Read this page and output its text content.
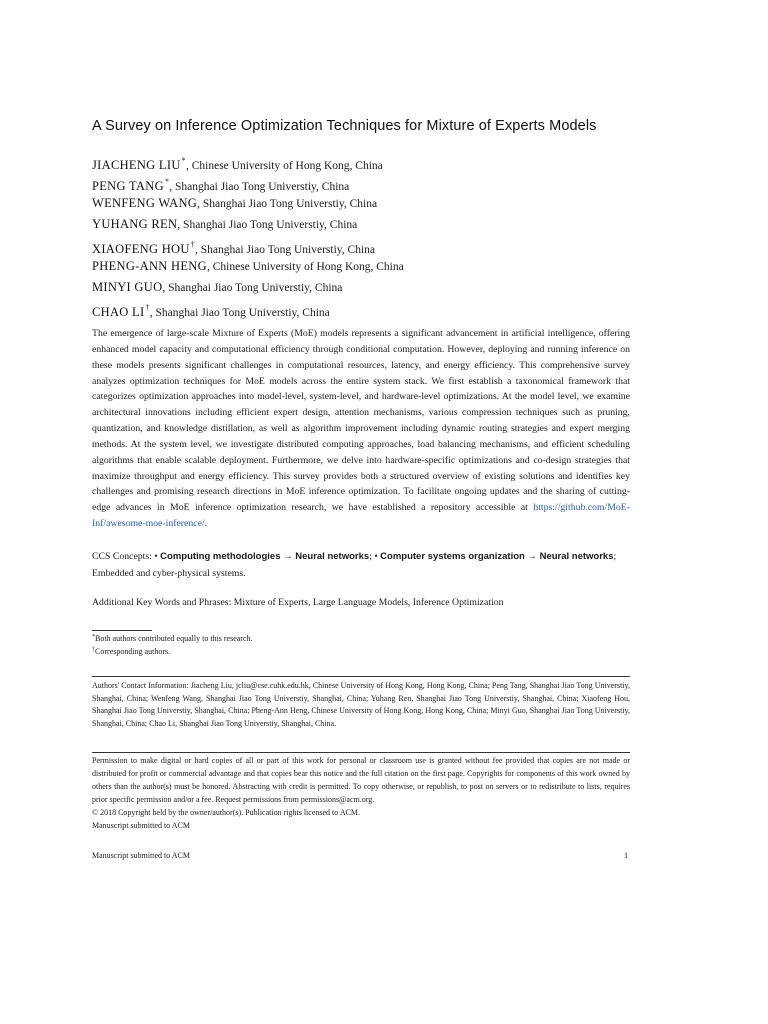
A Survey on Inference Optimization Techniques for Mixture of Experts Models
JIACHENG LIU*, Chinese University of Hong Kong, China
PENG TANG*, Shanghai Jiao Tong Universtiy, China
WENFENG WANG, Shanghai Jiao Tong Universtiy, China
YUHANG REN, Shanghai Jiao Tong Universtiy, China
XIAOFENG HOU†, Shanghai Jiao Tong Universtiy, China
PHENG-ANN HENG, Chinese University of Hong Kong, China
MINYI GUO, Shanghai Jiao Tong Universtiy, China
CHAO LI†, Shanghai Jiao Tong Universtiy, China
The emergence of large-scale Mixture of Experts (MoE) models represents a significant advancement in artificial intelligence, offering enhanced model capacity and computational efficiency through conditional computation. However, deploying and running inference on these models presents significant challenges in computational resources, latency, and energy efficiency. This comprehensive survey analyzes optimization techniques for MoE models across the entire system stack. We first establish a taxonomical framework that categorizes optimization approaches into model-level, system-level, and hardware-level optimizations. At the model level, we examine architectural innovations including efficient expert design, attention mechanisms, various compression techniques such as pruning, quantization, and knowledge distillation, as well as algorithm improvement including dynamic routing strategies and expert merging methods. At the system level, we investigate distributed computing approaches, load balancing mechanisms, and efficient scheduling algorithms that enable scalable deployment. Furthermore, we delve into hardware-specific optimizations and co-design strategies that maximize throughput and energy efficiency. This survey provides both a structured overview of existing solutions and identifies key challenges and promising research directions in MoE inference optimization. To facilitate ongoing updates and the sharing of cutting-edge advances in MoE inference optimization research, we have established a repository accessible at https://github.com/MoE-Inf/awesome-moe-inference/.
CCS Concepts: • Computing methodologies → Neural networks; • Computer systems organization → Neural networks; Embedded and cyber-physical systems.
Additional Key Words and Phrases: Mixture of Experts, Large Language Models, Inference Optimization
*Both authors contributed equally to this research.
†Corresponding authors.
Authors' Contact Information: Jiacheng Liu, jcliu@cse.cuhk.edu.hk, Chinese University of Hong Kong, Hong Kong, China; Peng Tang, Shanghai Jiao Tong Universtiy, Shanghai, China; Wenfeng Wang, Shanghai Jiao Tong Universtiy, Shanghai, China; Yuhang Ren, Shanghai Jiao Tong Universtiy, Shanghai, China; Xiaofeng Hou, Shanghai Jiao Tong Universtiy, Shanghai, China; Pheng-Ann Heng, Chinese University of Hong Kong, Hong Kong, China; Minyi Guo, Shanghai Jiao Tong Universtiy, Shanghai, China; Chao Li, Shanghai Jiao Tong Universtiy, Shanghai, China.
Permission to make digital or hard copies of all or part of this work for personal or classroom use is granted without fee provided that copies are not made or distributed for profit or commercial advantage and that copies bear this notice and the full citation on the first page. Copyrights for components of this work owned by others than the author(s) must be honored. Abstracting with credit is permitted. To copy otherwise, or republish, to post on servers or to redistribute to lists, requires prior specific permission and/or a fee. Request permissions from permissions@acm.org.
© 2018 Copyright held by the owner/author(s). Publication rights licensed to ACM.
Manuscript submitted to ACM
Manuscript submitted to ACM	1
